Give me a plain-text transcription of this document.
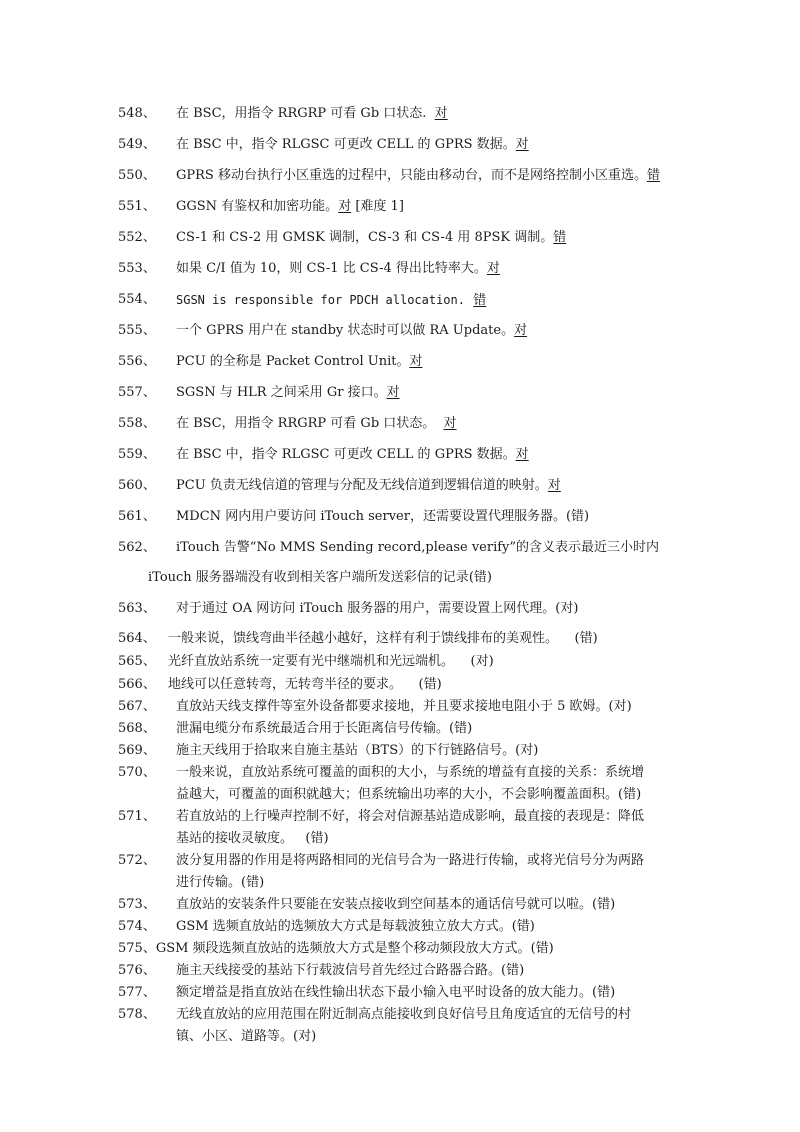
548、 在 BSC，用指令 RRGRP 可看 Gb 口状态. 对
549、 在 BSC 中，指令 RLGSC 可更改 CELL 的 GPRS 数据。对
550、 GPRS 移动台执行小区重选的过程中，只能由移动台，而不是网络控制小区重选。错
551、 GGSN 有鉴权和加密功能。对 [难度 1]
552、 CS-1 和 CS-2 用 GMSK 调制，CS-3 和 CS-4 用 8PSK 调制。错
553、 如果 C/I 值为 10，则 CS-1 比 CS-4 得出比特率大。对
554、 SGSN is responsible for PDCH allocation. 错
555、 一个 GPRS 用户在 standby 状态时可以做 RA Update。对
556、 PCU 的全称是 Packet Control Unit。对
557、 SGSN 与 HLR 之间采用 Gr 接口。对
558、 在 BSC，用指令 RRGRP 可看 Gb 口状态。 对
559、 在 BSC 中，指令 RLGSC 可更改 CELL 的 GPRS 数据。对
560、 PCU 负责无线信道的管理与分配及无线信道到逻辑信道的映射。对
561、 MDCN 网内用户要访问 iTouch server，还需要设置代理服务器。(错)
562、 iTouch 告警“No MMS Sending record,please verify”的含义表示最近三小时内
iTouch 服务器端没有收到相关客户端所发送彩信的记录(错)
563、 对于通过 OA 网访问 iTouch 服务器的用户，需要设置上网代理。(对)
564、 一般来说，馈线弯曲半径越小越好，这样有利于馈线排布的美观性。 (错)
565、 光纤直放站系统一定要有光中继端机和光远端机。 (对)
566、 地线可以任意转弯，无转弯半径的要求。 (错)
567、 直放站天线支撑件等室外设备都要求接地，并且要求接地电阻小于 5 欧姆。(对)
568、 泄漏电缆分布系统最适合用于长距离信号传输。(错)
569、 施主天线用于拾取来自施主基站（BTS）的下行链路信号。(对)
570、 一般来说，直放站系统可覆盖的面积的大小，与系统的增益有直接的关系：系统增
益越大，可覆盖的面积就越大；但系统输出功率的大小，不会影响覆盖面积。(错)
571、 若直放站的上行噪声控制不好，将会对信源基站造成影响，最直接的表现是：降低
基站的接收灵敏度。 (错)
572、 波分复用器的作用是将两路相同的光信号合为一路进行传输，或将光信号分为两路
进行传输。(错)
573、 直放站的安装条件只要能在安装点接收到空间基本的通话信号就可以啦。(错)
574、 GSM 选频直放站的选频放大方式是每载波独立放大方式。(错)
575、GSM 频段选频直放站的选频放大方式是整个移动频段放大方式。(错)
576、 施主天线接受的基站下行载波信号首先经过合路器合路。(错)
577、 额定增益是指直放站在线性输出状态下最小输入电平时设备的放大能力。(错)
578、 无线直放站的应用范围在附近制高点能接收到良好信号且角度适宜的无信号的村
镇、小区、道路等。(对)
